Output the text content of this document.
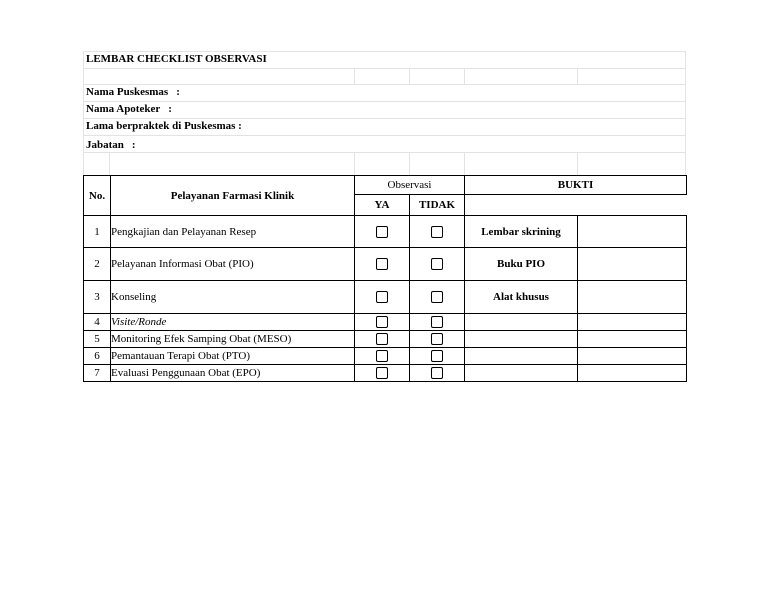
LEMBAR CHECKLIST OBSERVASI
Nama Puskesmas :
Nama Apoteker :
Lama berpraktek di Puskesmas :
Jabatan :
No.	Pelayanan Farmasi Klinik	Observasi		BUKTI	
		YA	TIDAK		
1	Pengkajian dan Pelayanan Resep			Lembar skrining	
2	Pelayanan Informasi Obat (PIO)			Buku PIO	
3	Konseling			Alat khusus	
4	Visite/Ronde				
5	Monitoring Efek Samping Obat (MESO)				
6	Pemantauan Terapi Obat (PTO)				
7	Evaluasi Penggunaan Obat (EPO)				
